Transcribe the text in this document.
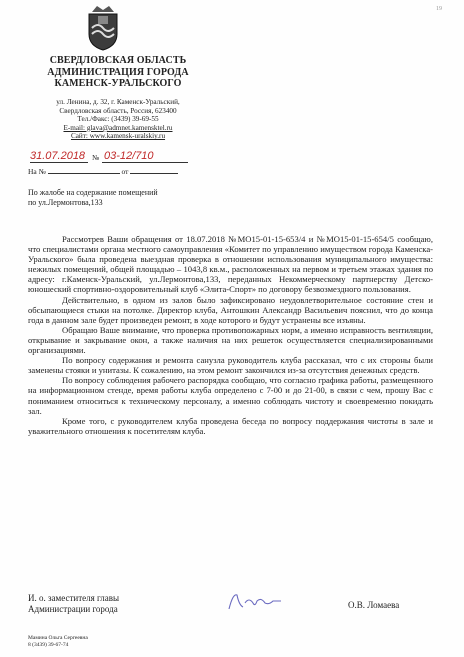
19
СВЕРДЛОВСКАЯ ОБЛАСТЬ
АДМИНИСТРАЦИЯ ГОРОДА
КАМЕНСК-УРАЛЬСКОГО
ул. Ленина, д. 32, г. Каменск-Уральский,
Свердловская область, Россия, 623400
Тел./Факс: (3439) 39-69-55
E-mail: glava@admnet.kamensktel.ru
Сайт: www.kamensk-uralskiy.ru
31.07.2018 № 03-12/710
На №	от
По жалобе на содержание помещений
по ул.Лермонтова,133

Рассмотрев Ваши обращения от 18.07.2018 №МО15-01-15-653/4 и №МО15-01-15-654/5 сообщаю, что специалистами органа местного самоуправления «Комитет по управлению имуществом города Каменска-Уральского» была проведена выездная проверка в отношении использования муниципального имущества: нежилых помещений, общей площадью – 1043,8 кв.м., расположенных на первом и третьем этажах здания по адресу: г.Каменск-Уральский, ул.Лермонтова,133, переданных Некоммерческому партнерству Детско-юношеский спортивно-оздоровительный клуб «Элита-Спорт» по договору безвозмездного пользования.

Действительно, в одном из залов было зафиксировано неудовлетворительное состояние стен и обсыпающиеся стыки на потолке. Директор клуба, Антошкин Александр Васильевич пояснил, что до конца года в данном зале будет произведен ремонт, в ходе которого и будут устранены все изъяны.

Обращаю Ваше внимание, что проверка противопожарных норм, а именно исправность вентиляции, открывание и закрывание окон, а также наличия на них решеток осуществляется специализированными организациями.

По вопросу содержания и ремонта санузла руководитель клуба рассказал, что с их стороны были заменены стояки и унитазы. К сожалению, на этом ремонт закончился из-за отсутствия денежных средств.

По вопросу соблюдения рабочего распорядка сообщаю, что согласно графика работы, размещенного на информационном стенде, время работы клуба определено с 7-00 и до 21-00, в связи с чем, прошу Вас с пониманием относиться к техническому персоналу, а именно соблюдать чистоту и своевременно покидать зал.

Кроме того, с руководителем клуба проведена беседа по вопросу поддержания чистоты в зале и уважительного отношения к посетителям клуба.

И. о. заместителя главы
Администрации города	О.В. Ломаева
Мамина Ольга Сергеевна
8 (3439) 39-67-74
